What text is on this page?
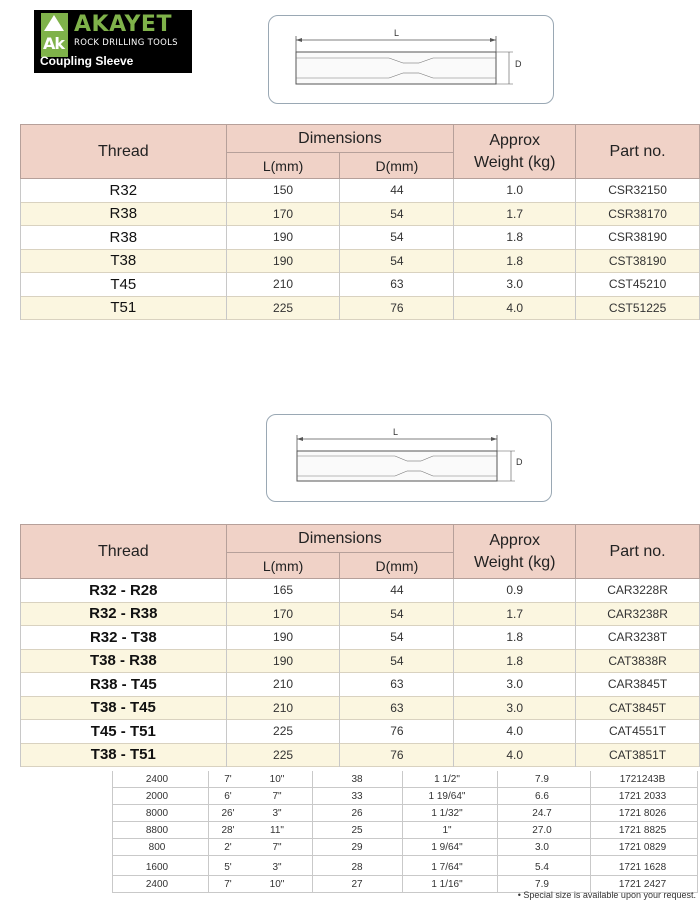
Ak
AKAYET
ROCK DRILLING TOOLS
Coupling Sleeve
L
D
Thread	Dimensions		Approx
Weight (kg)	Part no.
	L(mm)	D(mm)		
R32	150	44	1.0	CSR32150
R38	170	54	1.7	CSR38170
R38	190	54	1.8	CSR38190
T38	190	54	1.8	CST38190
T45	210	63	3.0	CST45210
T51	225	76	4.0	CST51225
L
D
Thread	Dimensions		Approx
Weight (kg)	Part no.
	L(mm)	D(mm)		
R32 - R28	165	44	0.9	CAR3228R
R32 - R38	170	54	1.7	CAR3238R
R32 - T38	190	54	1.8	CAR3238T
T38 - R38	190	54	1.8	CAT3838R
R38 - T45	210	63	3.0	CAR3845T
T38 - T45	210	63	3.0	CAT3845T
T45 - T51	225	76	4.0	CAT4551T
T38 - T51	225	76	4.0	CAT3851T
2400	7'	10"	38	1 1/2"	7.9	1721243B
2000	6'	7"	33	1 19/64"	6.6	1721 2033
8000	26'	3"	26	1 1/32"	24.7	1721 8026
8800	28'	11"	25	1"	27.0	1721 8825
800	2'	7"	29	1 9/64"	3.0	1721 0829
1600	5'	3"	28	1 7/64"	5.4	1721 1628
2400	7'	10"	27	1 1/16"	7.9	1721 2427
• Special size is available upon your request.
